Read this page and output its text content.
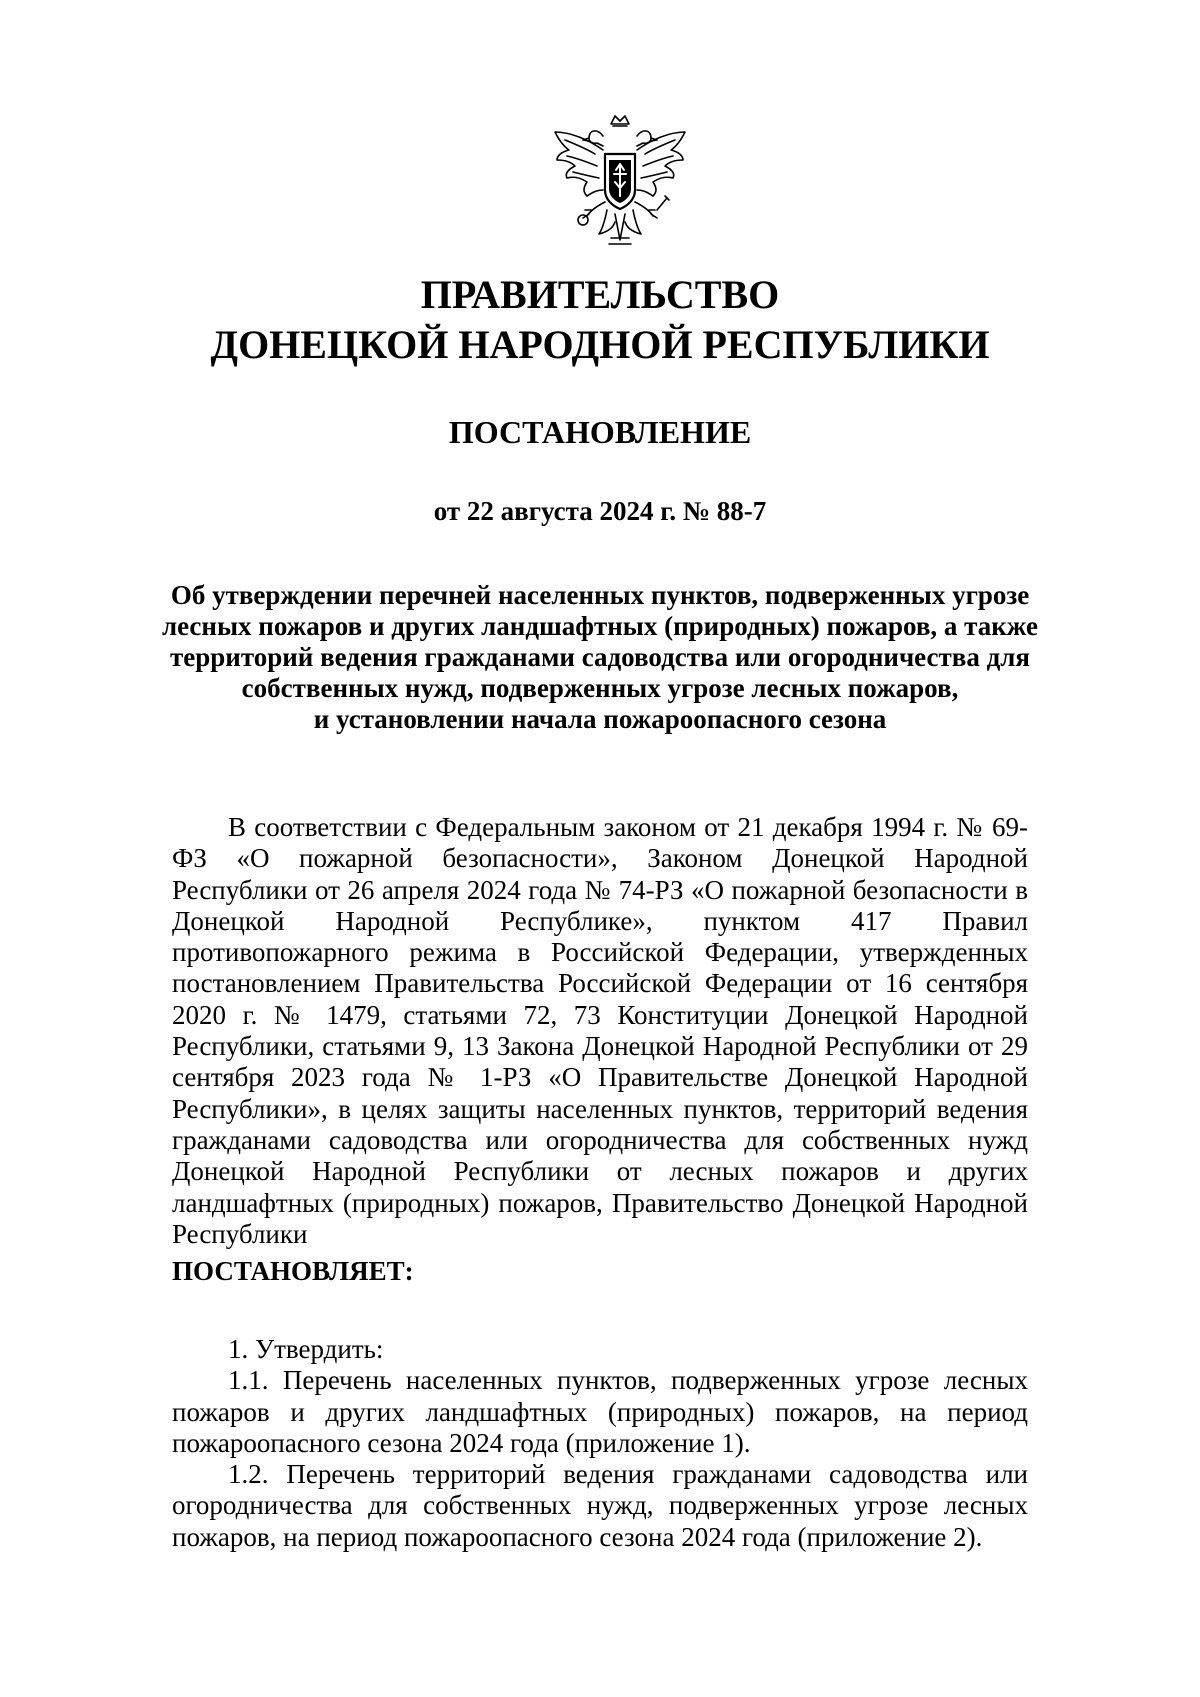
ПРАВИТЕЛЬСТВО
ДОНЕЦКОЙ НАРОДНОЙ РЕСПУБЛИКИ
ПОСТАНОВЛЕНИЕ
от 22 августа 2024 г. № 88-7
Об утверждении перечней населенных пунктов, подверженных угрозе
лесных пожаров и других ландшафтных (природных) пожаров, а также
территорий ведения гражданами садоводства или огородничества для
собственных нужд, подверженных угрозе лесных пожаров,
и установлении начала пожароопасного сезона
В соответствии с Федеральным законом от 21 декабря 1994 г. № 69-ФЗ «О пожарной безопасности», Законом Донецкой Народной Республики от 26 апреля 2024 года № 74-РЗ «О пожарной безопасности в Донецкой Народной Республике», пунктом 417 Правил противопожарного режима в Российской Федерации, утвержденных постановлением Правительства Российской Федерации от 16 сентября 2020 г. № 1479, статьями 72, 73 Конституции Донецкой Народной Республики, статьями 9, 13 Закона Донецкой Народной Республики от 29 сентября 2023 года № 1-РЗ «О Правительстве Донецкой Народной Республики», в целях защиты населенных пунктов, территорий ведения гражданами садоводства или огородничества для собственных нужд Донецкой Народной Республики от лесных пожаров и других ландшафтных (природных) пожаров, Правительство Донецкой Народной Республики
ПОСТАНОВЛЯЕТ:

1. Утвердить:

1.1. Перечень населенных пунктов, подверженных угрозе лесных пожаров и других ландшафтных (природных) пожаров, на период пожароопасного сезона 2024 года (приложение 1).

1.2. Перечень территорий ведения гражданами садоводства или огородничества для собственных нужд, подверженных угрозе лесных пожаров, на период пожароопасного сезона 2024 года (приложение 2).
